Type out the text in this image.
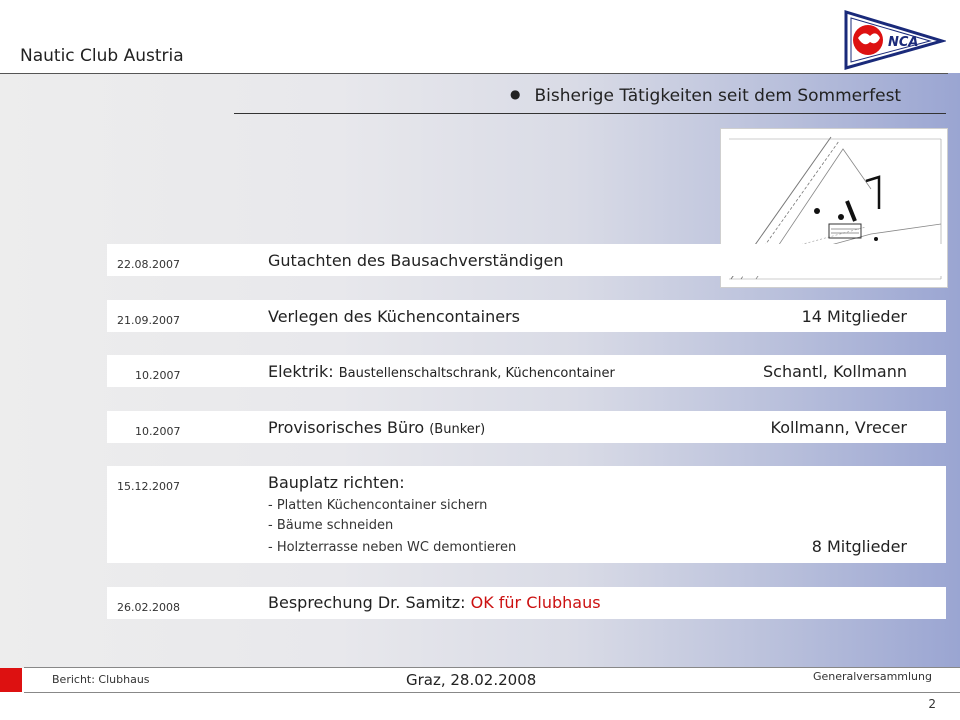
Nautic Club Austria
NCA
● Bisherige Tätigkeiten seit dem Sommerfest
22.08.2007	Gutachten des Bausachverständigen
21.09.2007	Verlegen des Küchencontainers	14 Mitglieder
10.2007	Elektrik: Baustellenschaltschrank, Küchencontainer	Schantl, Kollmann
10.2007	Provisorisches Büro (Bunker)	Kollmann, Vrecer
15.12.2007	Bauplatz richten:
- Platten Küchencontainer sichern
- Bäume schneiden
- Holzterrasse neben WC demontieren	8 Mitglieder
26.02.2008	Besprechung Dr. Samitz: OK für Clubhaus
Bericht: Clubhaus	Graz, 28.02.2008	Generalversammlung
2
